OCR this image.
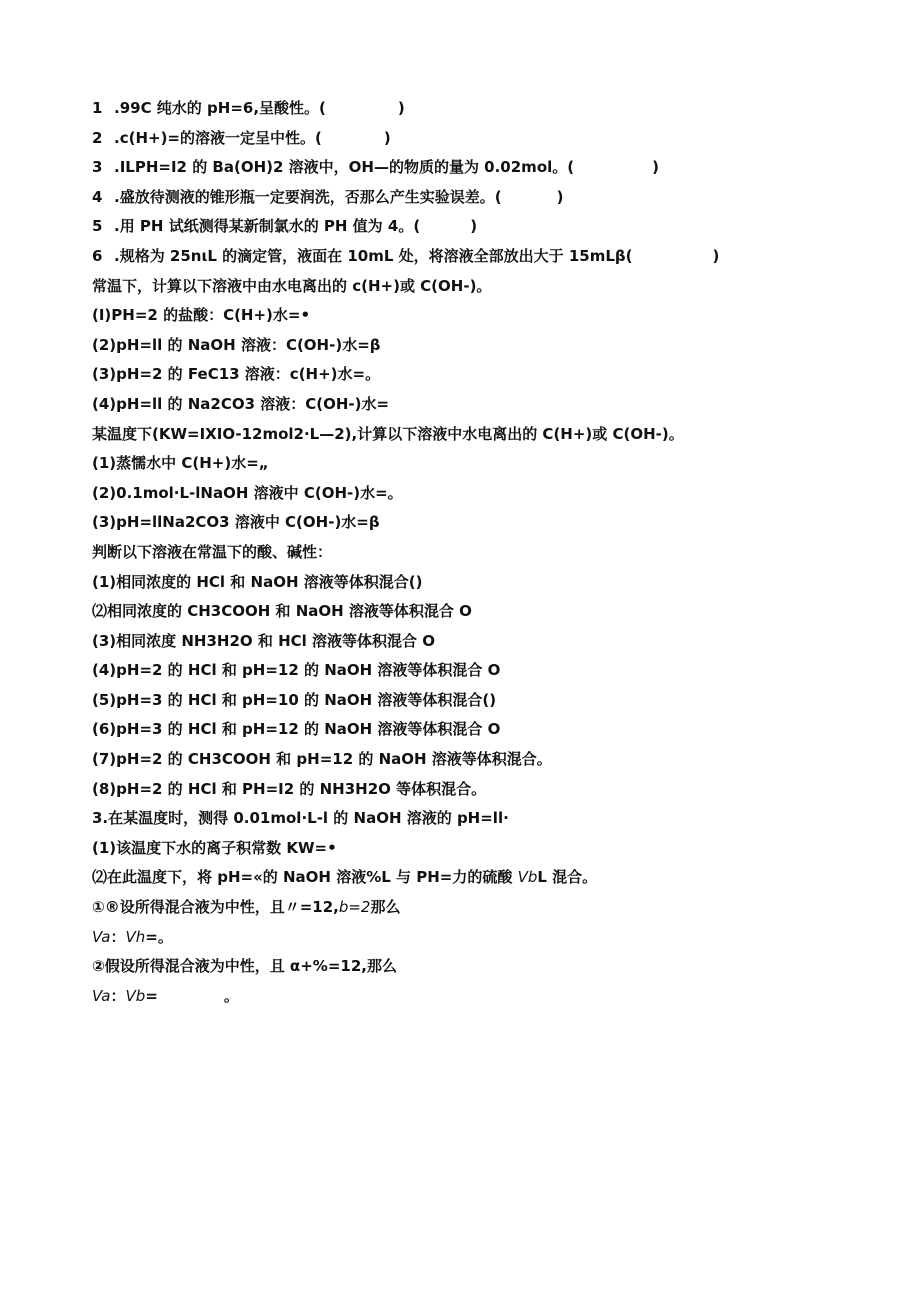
1 .99C 纯水的 pH=6,呈酸性。(	)
2 .c(H+)=的溶液一定呈中性。(	)
3 .ILPH=I2 的 Ba(OH)2 溶液中，OH—的物质的量为 0.02mol。(	)
4 .盛放待测液的锥形瓶一定要润洗，否那么产生实验误差。(	)
5 .用 PH 试纸测得某新制氯水的 PH 值为 4。(	)
6 .规格为 25nιL 的滴定管，液面在 10mL 处，将溶液全部放出大于 15mLβ(	)
常温下，计算以下溶液中由水电离出的 c(H+)或 C(OH-)。
(I)PH=2 的盐酸：C(H+)水=•
(2)pH=ll 的 NaOH 溶液：C(OH-)水=β
(3)pH=2 的 FeC13 溶液：c(H+)水=。
(4)pH=ll 的 Na2CO3 溶液：C(OH-)水=
某温度下(KW=IXIO-12mol2·L—2),计算以下溶液中水电离出的 C(H+)或 C(OH-)。
(1)蒸懦水中 C(H+)水=„
(2)0.1mol·L-lNaOH 溶液中 C(OH-)水=。
(3)pH=llNa2CO3 溶液中 C(OH-)水=β
判断以下溶液在常温下的酸、碱性：
(1)相同浓度的 HCl 和 NaOH 溶液等体积混合()
⑵相同浓度的 CH3COOH 和 NaOH 溶液等体积混合 O
(3)相同浓度 NH3H2O 和 HCl 溶液等体积混合 O
(4)pH=2 的 HCl 和 pH=12 的 NaOH 溶液等体积混合 O
(5)pH=3 的 HCl 和 pH=10 的 NaOH 溶液等体积混合()
(6)pH=3 的 HCl 和 pH=12 的 NaOH 溶液等体积混合 O
(7)pH=2 的 CH3COOH 和 pH=12 的 NaOH 溶液等体积混合。
(8)pH=2 的 HCl 和 PH=I2 的 NH3H2O 等体积混合。
3.在某温度时，测得 0.01mol·L-l 的 NaOH 溶液的 pH=ll·
(1)该温度下水的离子积常数 KW=•
⑵在此温度下，将 pH=«的 NaOH 溶液%L 与 PH=力的硫酸 VbL 混合。
①®设所得混合液为中性，且〃=12,b=2那么
Va：Vh=。
②假设所得混合液为中性，且 α+%=12,那么
Va：Vb=	。
